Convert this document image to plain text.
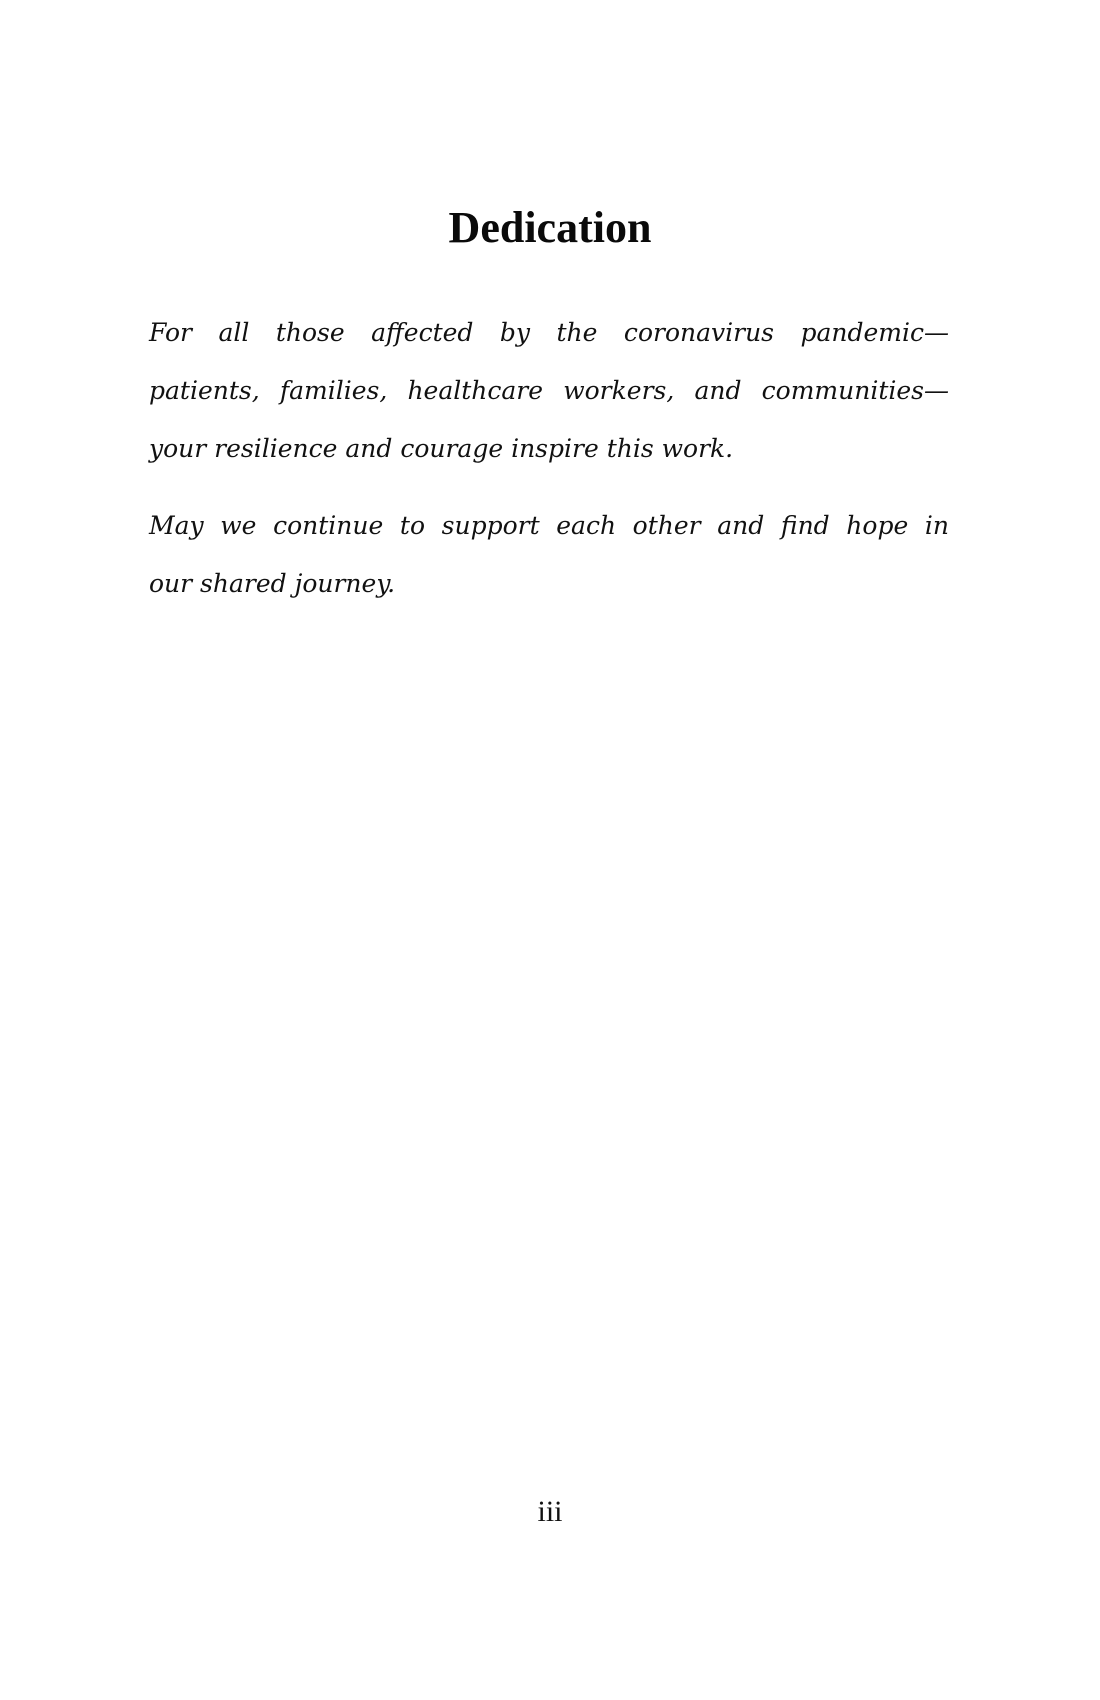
Dedication

For all those affected by the coronavirus pandemic—
patients, families, healthcare workers, and communities—
your resilience and courage inspire this work.

May we continue to support each other and find hope in
our shared journey.

iii
